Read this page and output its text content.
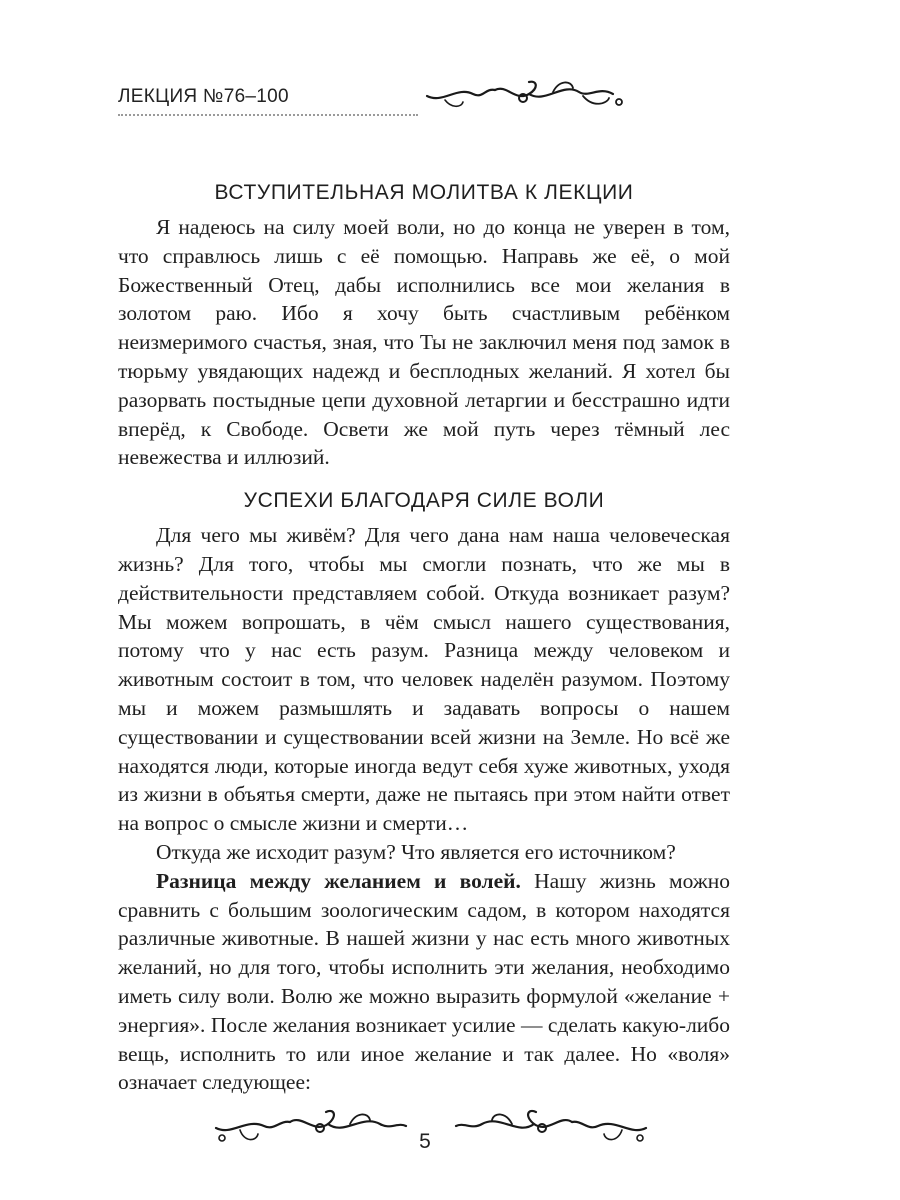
ЛЕКЦИЯ №76–100
ВСТУПИТЕЛЬНАЯ МОЛИТВА К ЛЕКЦИИ

Я надеюсь на силу моей воли, но до конца не уверен в том, что справлюсь лишь с её помощью. Направь же её, о мой Божественный Отец, дабы исполнились все мои желания в золотом раю. Ибо я хочу быть счастливым ребёнком неизмеримого счастья, зная, что Ты не заключил меня под замок в тюрьму увядающих надежд и бесплодных желаний. Я хотел бы разорвать постыдные цепи духовной летаргии и бесстрашно идти вперёд, к Свободе. Освети же мой путь через тёмный лес невежества и иллюзий.

УСПЕХИ БЛАГОДАРЯ СИЛЕ ВОЛИ

Для чего мы живём? Для чего дана нам наша человеческая жизнь? Для того, чтобы мы смогли познать, что же мы в действительности представляем собой. Откуда возникает разум? Мы можем вопрошать, в чём смысл нашего существования, потому что у нас есть разум. Разница между человеком и животным состоит в том, что человек наделён разумом. Поэтому мы и можем размышлять и задавать вопросы о нашем существовании и существовании всей жизни на Земле. Но всё же находятся люди, которые иногда ведут себя хуже животных, уходя из жизни в объятья смерти, даже не пытаясь при этом найти ответ на вопрос о смысле жизни и смерти…

Откуда же исходит разум? Что является его источником?

Разница между желанием и волей. Нашу жизнь можно сравнить с большим зоологическим садом, в котором находятся различные животные. В нашей жизни у нас есть много животных желаний, но для того, чтобы исполнить эти желания, необходимо иметь силу воли. Волю же можно выразить формулой «желание + энергия». После желания возникает усилие — сделать какую-либо вещь, исполнить то или иное желание и так далее. Но «воля» означает следующее:

5
